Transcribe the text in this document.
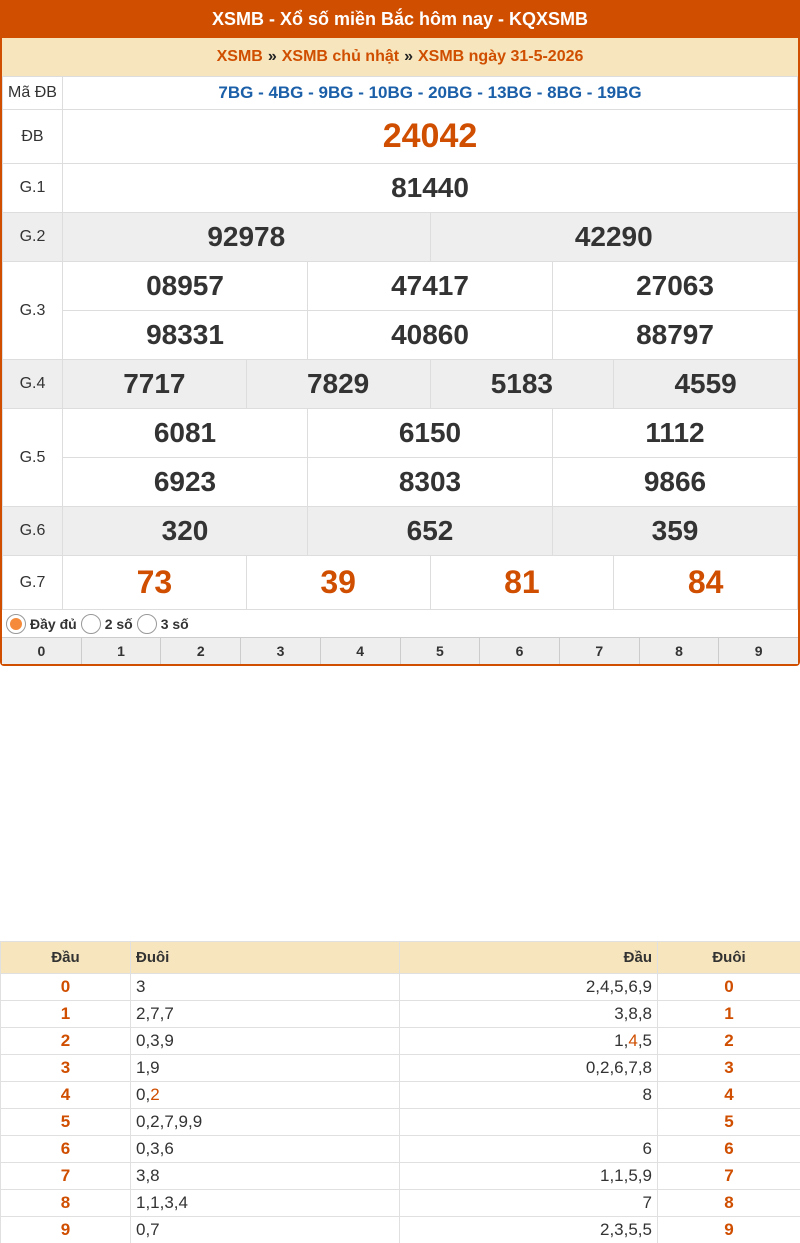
XSMB - Xổ số miền Bắc hôm nay - KQXSMB
XSMB » XSMB chủ nhật » XSMB ngày 31-5-2026
Mã ĐB	7BG - 4BG - 9BG - 10BG - 20BG - 13BG - 8BG - 19BG					
ĐB	24042					
G.1	81440					
G.2	92978			42290		
G.3	08957		47417		27063	
	98331		40860		88797	
G.4	7717	7829		5183		4559
G.5	6081		6150		1112	
	6923		8303		9866	
G.6	320		652		359	
G.7	73	39		81		84
Đầy đủ 2 số 3 số
0	1	2	3	4	5	6	7	8	9
Đầu	Đuôi	Đầu	Đuôi
0	3	2,4,5,6,9	0
1	2,7,7	3,8,8	1
2	0,3,9	1,4,5	2
3	1,9	0,2,6,7,8	3
4	0,2	8	4
5	0,2,7,9,9		5
6	0,3,6	6	6
7	3,8	1,1,5,9	7
8	1,1,3,4	7	8
9	0,7	2,3,5,5	9
